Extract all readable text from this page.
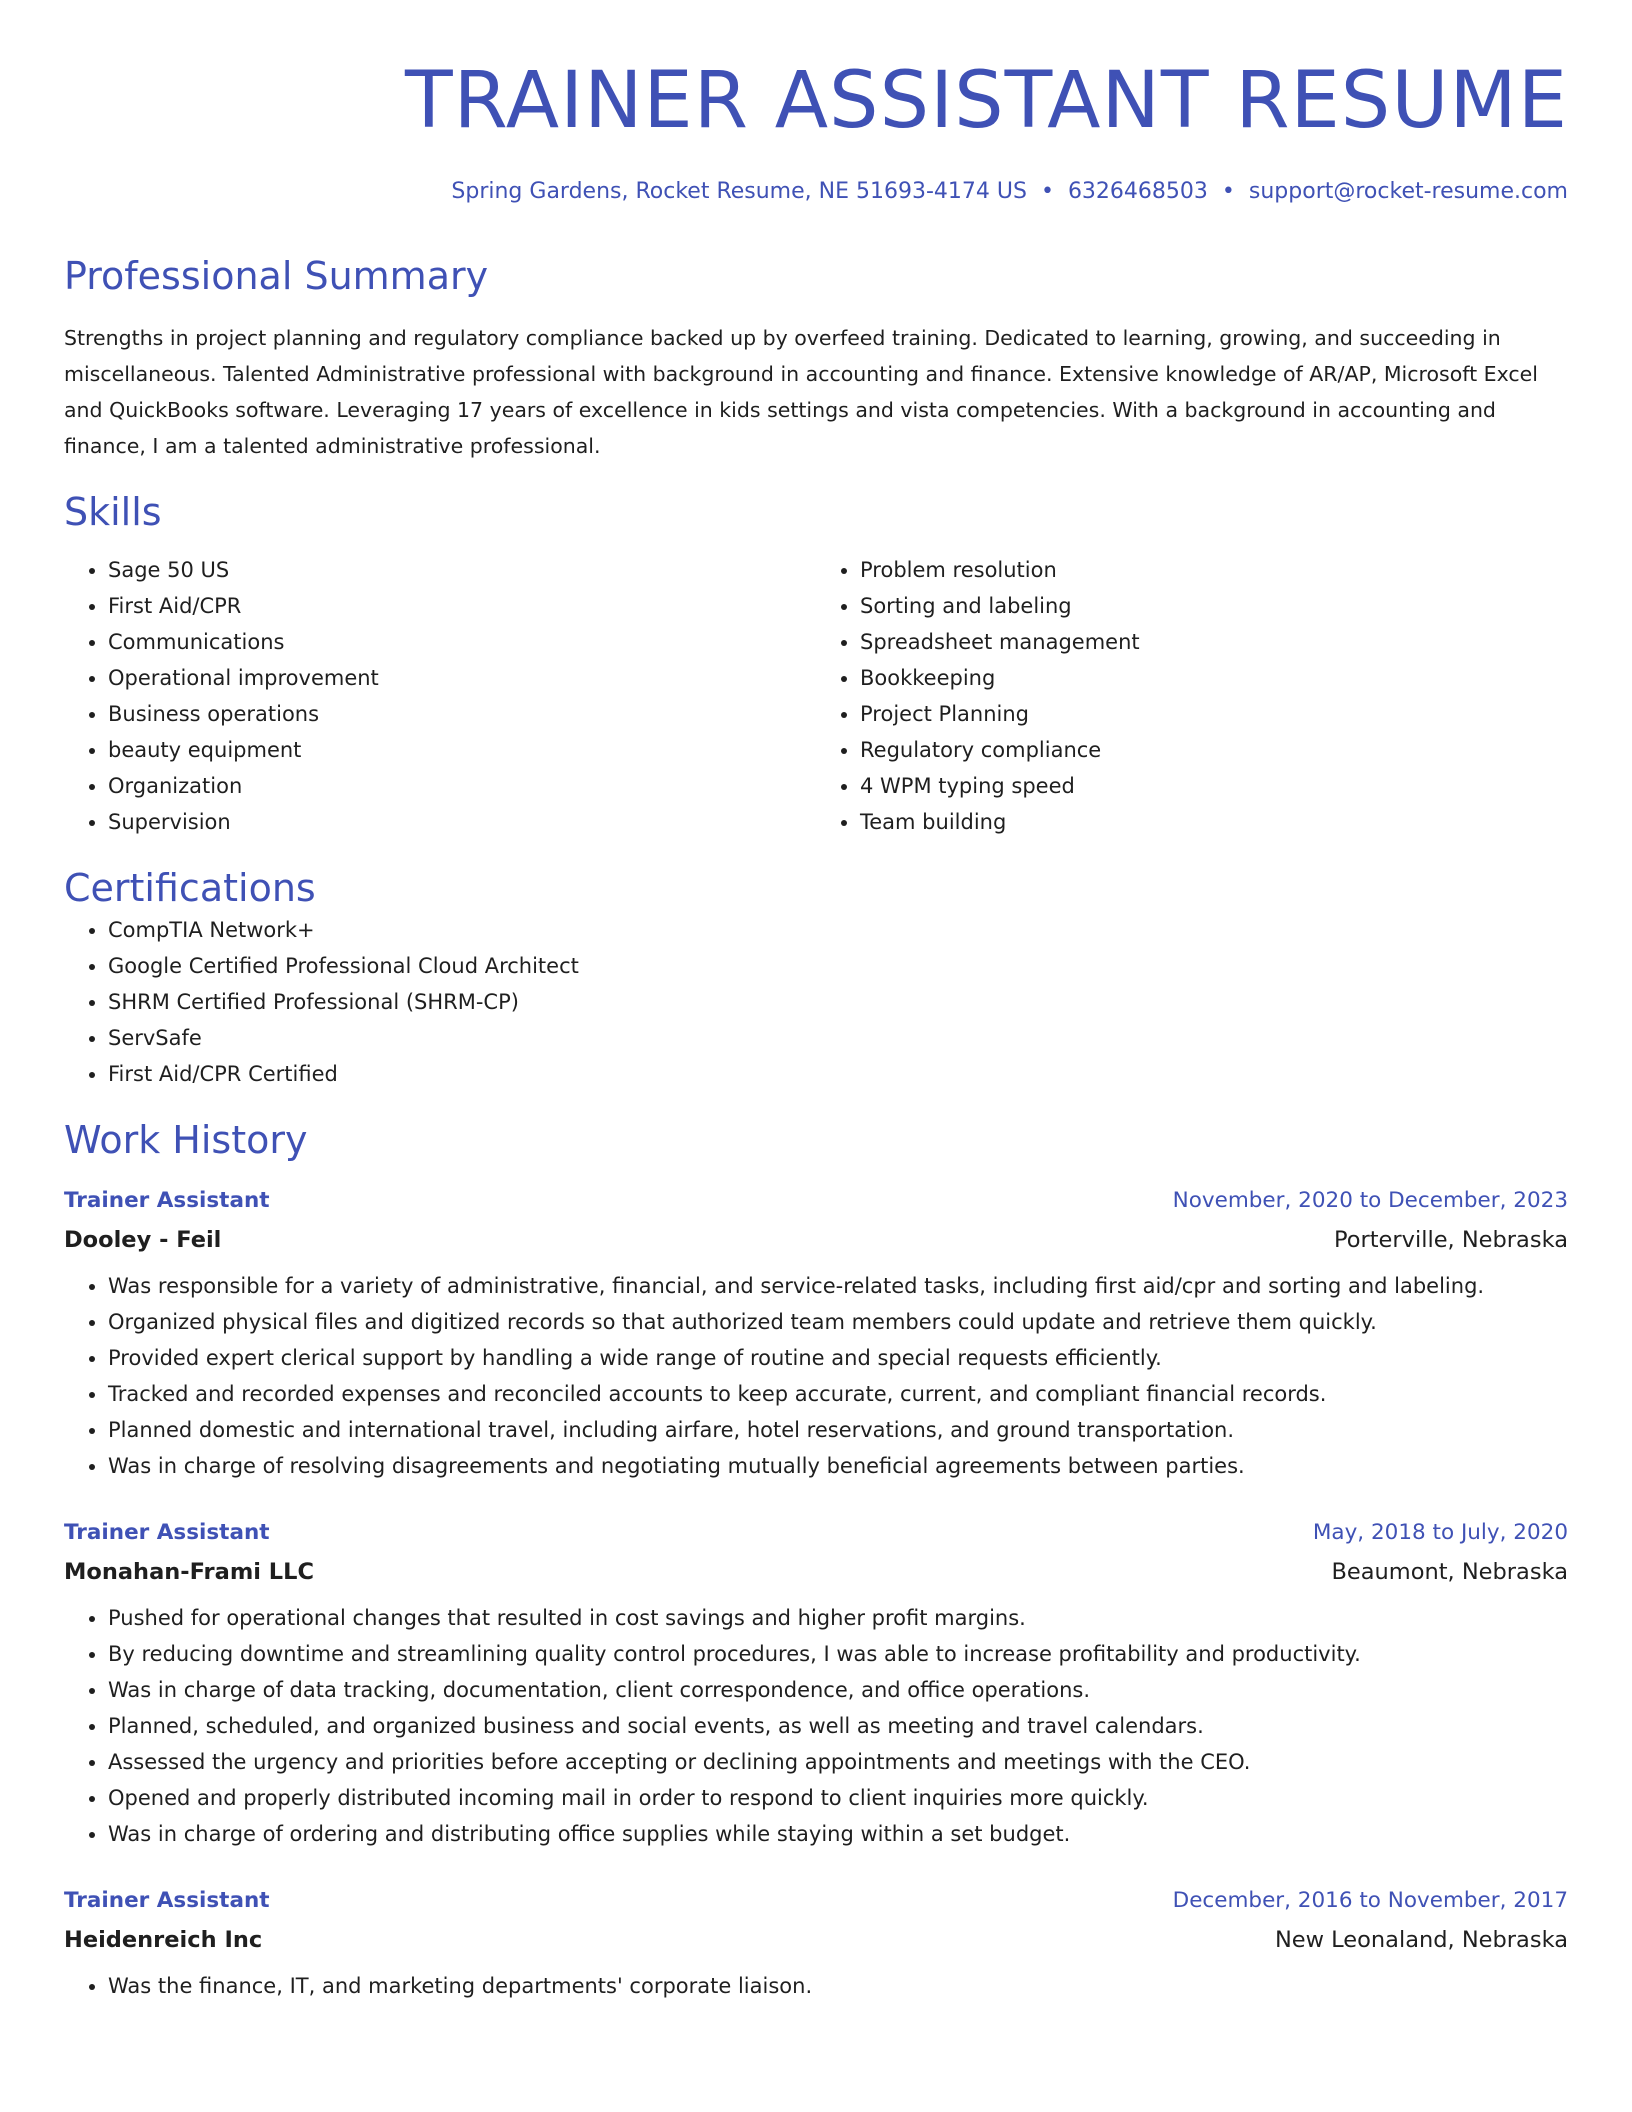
TRAINER ASSISTANT RESUME
Spring Gardens, Rocket Resume, NE 51693-4174 US • 6326468503 • support@rocket-resume.com
Professional Summary

Strengths in project planning and regulatory compliance backed up by overfeed training. Dedicated to learning, growing, and succeeding in miscellaneous. Talented Administrative professional with background in accounting and finance. Extensive knowledge of AR/AP, Microsoft Excel and QuickBooks software. Leveraging 17 years of excellence in kids settings and vista competencies. With a background in accounting and finance, I am a talented administrative professional.

Skills
• Sage 50 US
• First Aid/CPR
• Communications
• Operational improvement
• Business operations
• beauty equipment
• Organization
• Supervision
• Problem resolution
• Sorting and labeling
• Spreadsheet management
• Bookkeeping
• Project Planning
• Regulatory compliance
• 4 WPM typing speed
• Team building
Certifications
• CompTIA Network+
• Google Certified Professional Cloud Architect
• SHRM Certified Professional (SHRM-CP)
• ServSafe
• First Aid/CPR Certified
Work History
Trainer Assistant	November, 2020 to December, 2023
Dooley - Feil	Porterville, Nebraska
• Was responsible for a variety of administrative, financial, and service-related tasks, including first aid/cpr and sorting and labeling.
• Organized physical files and digitized records so that authorized team members could update and retrieve them quickly.
• Provided expert clerical support by handling a wide range of routine and special requests efficiently.
• Tracked and recorded expenses and reconciled accounts to keep accurate, current, and compliant financial records.
• Planned domestic and international travel, including airfare, hotel reservations, and ground transportation.
• Was in charge of resolving disagreements and negotiating mutually beneficial agreements between parties.
Trainer Assistant	May, 2018 to July, 2020
Monahan-Frami LLC	Beaumont, Nebraska
• Pushed for operational changes that resulted in cost savings and higher profit margins.
• By reducing downtime and streamlining quality control procedures, I was able to increase profitability and productivity.
• Was in charge of data tracking, documentation, client correspondence, and office operations.
• Planned, scheduled, and organized business and social events, as well as meeting and travel calendars.
• Assessed the urgency and priorities before accepting or declining appointments and meetings with the CEO.
• Opened and properly distributed incoming mail in order to respond to client inquiries more quickly.
• Was in charge of ordering and distributing office supplies while staying within a set budget.
Trainer Assistant	December, 2016 to November, 2017
Heidenreich Inc	New Leonaland, Nebraska
• Was the finance, IT, and marketing departments' corporate liaison.
